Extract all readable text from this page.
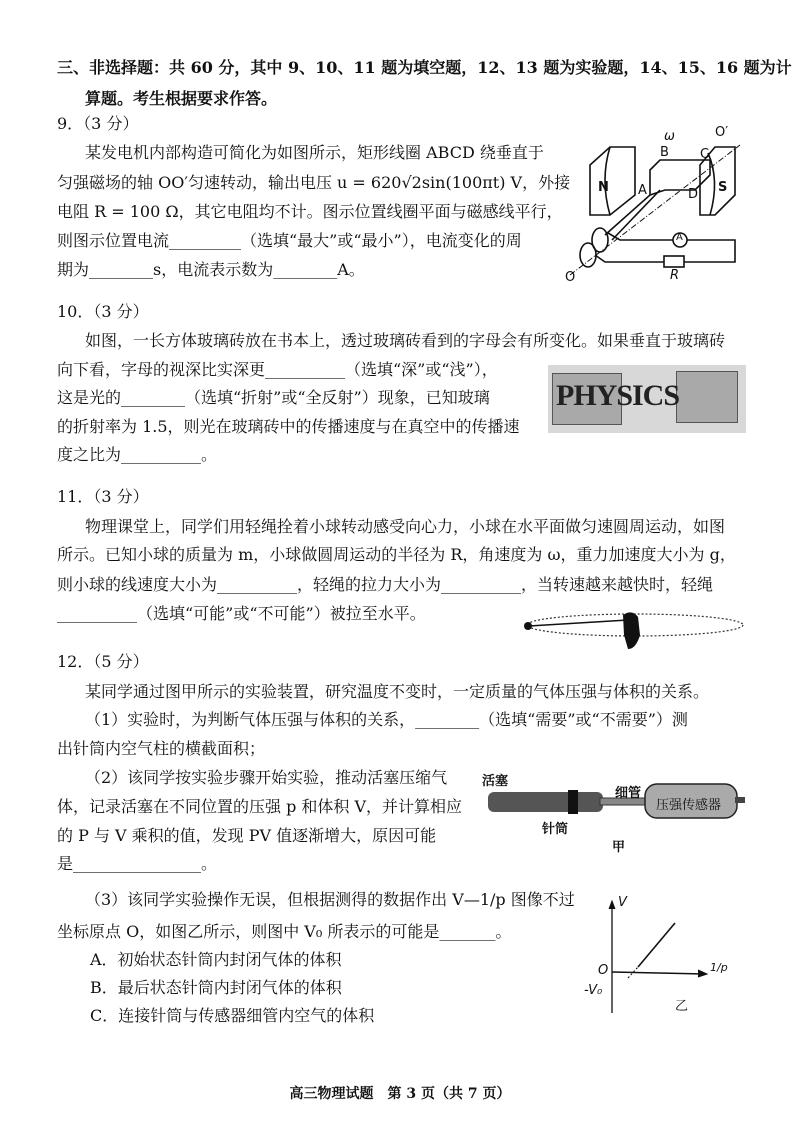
三、非选择题：共 60 分，其中 9、10、11 题为填空题，12、13 题为实验题，14、15、16 题为计
算题。考生根据要求作答。
9．（3 分）
某发电机内部构造可简化为如图所示，矩形线圈 ABCD 绕垂直于
匀强磁场的轴 OO′匀速转动，输出电压 u = 620√2sin(100πt) V，外接
电阻 R = 100 Ω，其它电阻均不计。图示位置线圈平面与磁感线平行，
则图示位置电流_________（选填“最大”或“最小”），电流变化的周
期为________s，电流表示数为________A。
N	S
A
B C
D
ω	O′
O
A
R
10．（3 分）
如图，一长方体玻璃砖放在书本上，透过玻璃砖看到的字母会有所变化。如果垂直于玻璃砖
向下看，字母的视深比实深更__________（选填“深”或“浅”），
这是光的________（选填“折射”或“全反射”）现象，已知玻璃
的折射率为 1.5，则光在玻璃砖中的传播速度与在真空中的传播速
度之比为__________。
PHYSICS
11．（3 分）
物理课堂上，同学们用轻绳拴着小球转动感受向心力，小球在水平面做匀速圆周运动，如图
所示。已知小球的质量为 m，小球做圆周运动的半径为 R，角速度为 ω，重力加速度大小为 g，
则小球的线速度大小为__________，轻绳的拉力大小为__________，当转速越来越快时，轻绳
__________（选填“可能”或“不可能”）被拉至水平。
12．（5 分）
某同学通过图甲所示的实验装置，研究温度不变时，一定质量的气体压强与体积的关系。
（1）实验时，为判断气体压强与体积的关系，________（选填“需要”或“不需要”）测
出针筒内空气柱的横截面积；
（2）该同学按实验步骤开始实验，推动活塞压缩气
体，记录活塞在不同位置的压强 p 和体积 V，并计算相应
的 P 与 V 乘积的值，发现 PV 值逐渐增大，原因可能
是________________。
活塞
细管
压强传感器
针筒
甲
（3）该同学实验操作无误，但根据测得的数据作出 V—1/p 图像不过
坐标原点 O，如图乙所示，则图中 V₀ 所表示的可能是_______。
A．初始状态针筒内封闭气体的体积
B．最后状态针筒内封闭气体的体积
C．连接针筒与传感器细管内空气的体积
V
1/p
O
-V₀
乙
高三物理试题　第 3 页（共 7 页）
